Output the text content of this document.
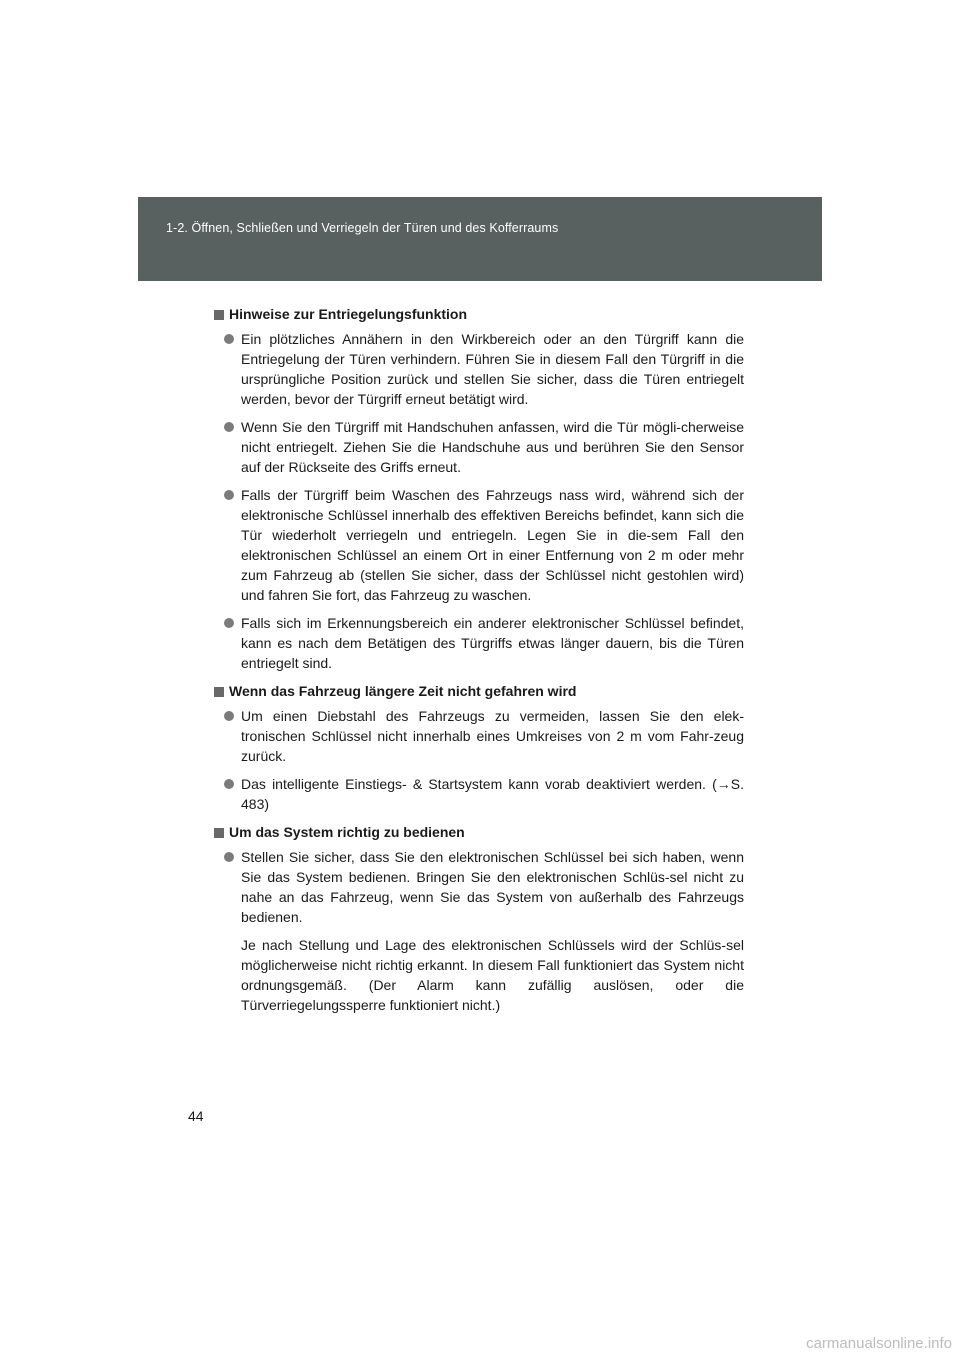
1-2. Öffnen, Schließen und Verriegeln der Türen und des Kofferraums
Hinweise zur Entriegelungsfunktion
Ein plötzliches Annähern in den Wirkbereich oder an den Türgriff kann die Entriegelung der Türen verhindern. Führen Sie in diesem Fall den Türgriff in die ursprüngliche Position zurück und stellen Sie sicher, dass die Türen entriegelt werden, bevor der Türgriff erneut betätigt wird.
Wenn Sie den Türgriff mit Handschuhen anfassen, wird die Tür mögli-cherweise nicht entriegelt. Ziehen Sie die Handschuhe aus und berühren Sie den Sensor auf der Rückseite des Griffs erneut.
Falls der Türgriff beim Waschen des Fahrzeugs nass wird, während sich der elektronische Schlüssel innerhalb des effektiven Bereichs befindet, kann sich die Tür wiederholt verriegeln und entriegeln. Legen Sie in die-sem Fall den elektronischen Schlüssel an einem Ort in einer Entfernung von 2 m oder mehr zum Fahrzeug ab (stellen Sie sicher, dass der Schlüssel nicht gestohlen wird) und fahren Sie fort, das Fahrzeug zu waschen.
Falls sich im Erkennungsbereich ein anderer elektronischer Schlüssel befindet, kann es nach dem Betätigen des Türgriffs etwas länger dauern, bis die Türen entriegelt sind.
Wenn das Fahrzeug längere Zeit nicht gefahren wird
Um einen Diebstahl des Fahrzeugs zu vermeiden, lassen Sie den elek-tronischen Schlüssel nicht innerhalb eines Umkreises von 2 m vom Fahr-zeug zurück.
Das intelligente Einstiegs- & Startsystem kann vorab deaktiviert werden. (→S. 483)
Um das System richtig zu bedienen
Stellen Sie sicher, dass Sie den elektronischen Schlüssel bei sich haben, wenn Sie das System bedienen. Bringen Sie den elektronischen Schlüs-sel nicht zu nahe an das Fahrzeug, wenn Sie das System von außerhalb des Fahrzeugs bedienen.
Je nach Stellung und Lage des elektronischen Schlüssels wird der Schlüs-sel möglicherweise nicht richtig erkannt. In diesem Fall funktioniert das System nicht ordnungsgemäß. (Der Alarm kann zufällig auslösen, oder die Türverriegelungssperre funktioniert nicht.)
44
carmanualsonline.info
